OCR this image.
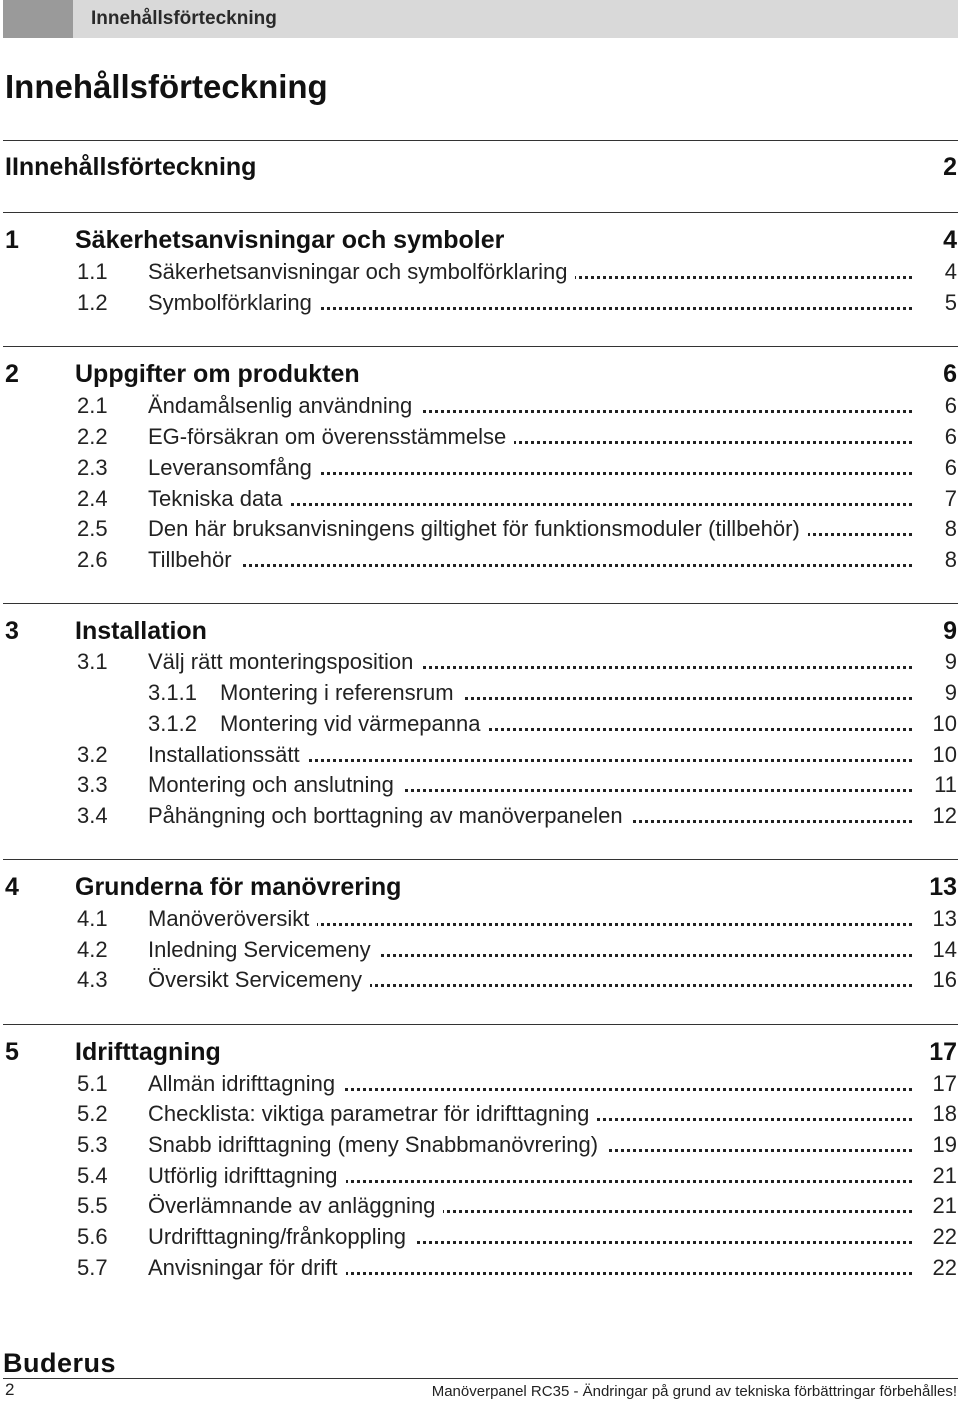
Innehållsförteckning
Innehållsförteckning
IInnehållsförteckning	2
1 Säkerhetsanvisningar och symboler	4
1.1 Säkerhetsanvisningar och symbolförklaring	4
1.2 Symbolförklaring	5
2 Uppgifter om produkten	6
2.1 Ändamålsenlig användning	6
2.2 EG-försäkran om överensstämmelse	6
2.3 Leveransomfång	6
2.4 Tekniska data	7
2.5 Den här bruksanvisningens giltighet för funktionsmoduler (tillbehör)	8
2.6 Tillbehör	8
3 Installation	9
3.1 Välj rätt monteringsposition	9
3.1.1 Montering i referensrum	9
3.1.2 Montering vid värmepanna	10
3.2 Installationssätt	10
3.3 Montering och anslutning	11
3.4 Påhängning och borttagning av manöverpanelen	12
4 Grunderna för manövrering	13
4.1 Manöveröversikt	13
4.2 Inledning Servicemeny	14
4.3 Översikt Servicemeny	16
5 Idrifttagning	17
5.1 Allmän idrifttagning	17
5.2 Checklista: viktiga parametrar för idrifttagning	18
5.3 Snabb idrifttagning (meny Snabbmanövrering)	19
5.4 Utförlig idrifttagning	21
5.5 Överlämnande av anläggning	21
5.6 Urdrifttagning/frånkoppling	22
5.7 Anvisningar för drift	22
Buderus
2	Manöverpanel RC35 - Ändringar på grund av tekniska förbättringar förbehålles!
